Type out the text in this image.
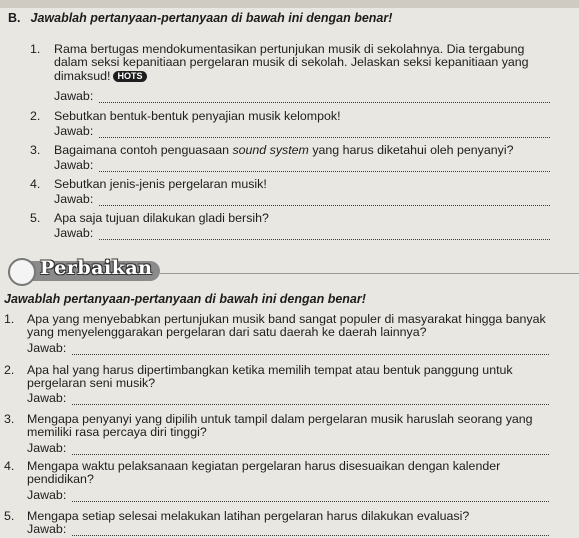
B. Jawablah pertanyaan-pertanyaan di bawah ini dengan benar!
1. Rama bertugas mendokumentasikan pertunjukan musik di sekolahnya. Dia tergabung
dalam seksi kepanitiaan pergelaran musik di sekolah. Jelaskan seksi kepanitiaan yang
dimaksud! HOTS
Jawab:
2. Sebutkan bentuk-bentuk penyajian musik kelompok!
Jawab:
3. Bagaimana contoh penguasaan sound system yang harus diketahui oleh penyanyi?
Jawab:
4. Sebutkan jenis-jenis pergelaran musik!
Jawab:
5. Apa saja tujuan dilakukan gladi bersih?
Jawab:
Perbaikan
Jawablah pertanyaan-pertanyaan di bawah ini dengan benar!
1. Apa yang menyebabkan pertunjukan musik band sangat populer di masyarakat hingga banyak
yang menyelenggarakan pergelaran dari satu daerah ke daerah lainnya?
Jawab:
2. Apa hal yang harus dipertimbangkan ketika memilih tempat atau bentuk panggung untuk
pergelaran seni musik?
Jawab:
3. Mengapa penyanyi yang dipilih untuk tampil dalam pergelaran musik haruslah seorang yang
memiliki rasa percaya diri tinggi?
Jawab:
4. Mengapa waktu pelaksanaan kegiatan pergelaran harus disesuaikan dengan kalender
pendidikan?
Jawab:
5. Mengapa setiap selesai melakukan latihan pergelaran harus dilakukan evaluasi?
Jawab:
